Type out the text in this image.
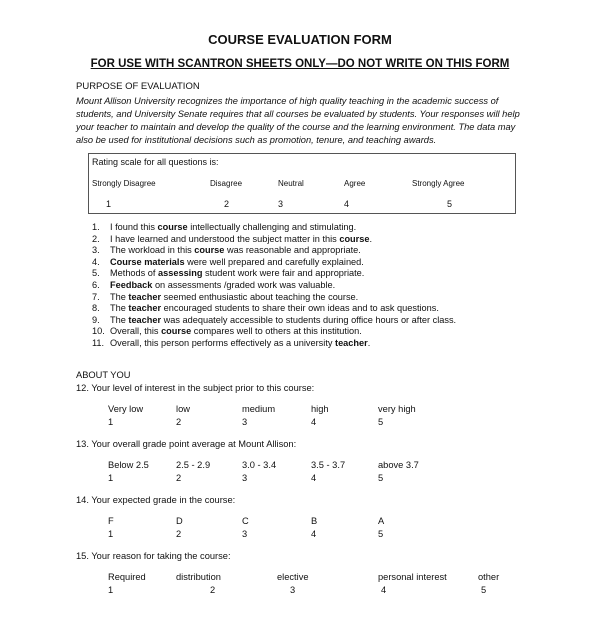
COURSE EVALUATION FORM
FOR USE WITH SCANTRON SHEETS ONLY—DO NOT WRITE ON THIS FORM
PURPOSE OF EVALUATION
Mount Allison University recognizes the importance of high quality teaching in the academic success of students, and University Senate requires that all courses be evaluated by students. Your responses will help your teacher to maintain and develop the quality of the course and the learning environment. The data may also be used for institutional decisions such as promotion, tenure, and teaching awards.
Rating scale for all questions is:
Strongly Disagree
1
Disagree
2
Neutral
3
Agree
4
Strongly Agree
5
1. I found this course intellectually challenging and stimulating.
2. I have learned and understood the subject matter in this course.
3. The workload in this course was reasonable and appropriate.
4. Course materials were well prepared and carefully explained.
5. Methods of assessing student work were fair and appropriate.
6. Feedback on assessments /graded work was valuable.
7. The teacher seemed enthusiastic about teaching the course.
8. The teacher encouraged students to share their own ideas and to ask questions.
9. The teacher was adequately accessible to students during office hours or after class.
10. Overall, this course compares well to others at this institution.
11. Overall, this person performs effectively as a university teacher.
ABOUT YOU
12. Your level of interest in the subject prior to this course:
Very low
1
low
2
medium
3
high
4
very high
5
13. Your overall grade point average at Mount Allison:
Below 2.5
1
2.5 - 2.9
2
3.0 - 3.4
3
3.5 - 3.7
4
above 3.7
5
14. Your expected grade in the course:
F
1
D
2
C
3
B
4
A
5
15. Your reason for taking the course:
Required
1
distribution
2
elective
3
personal interest
4
other
5
